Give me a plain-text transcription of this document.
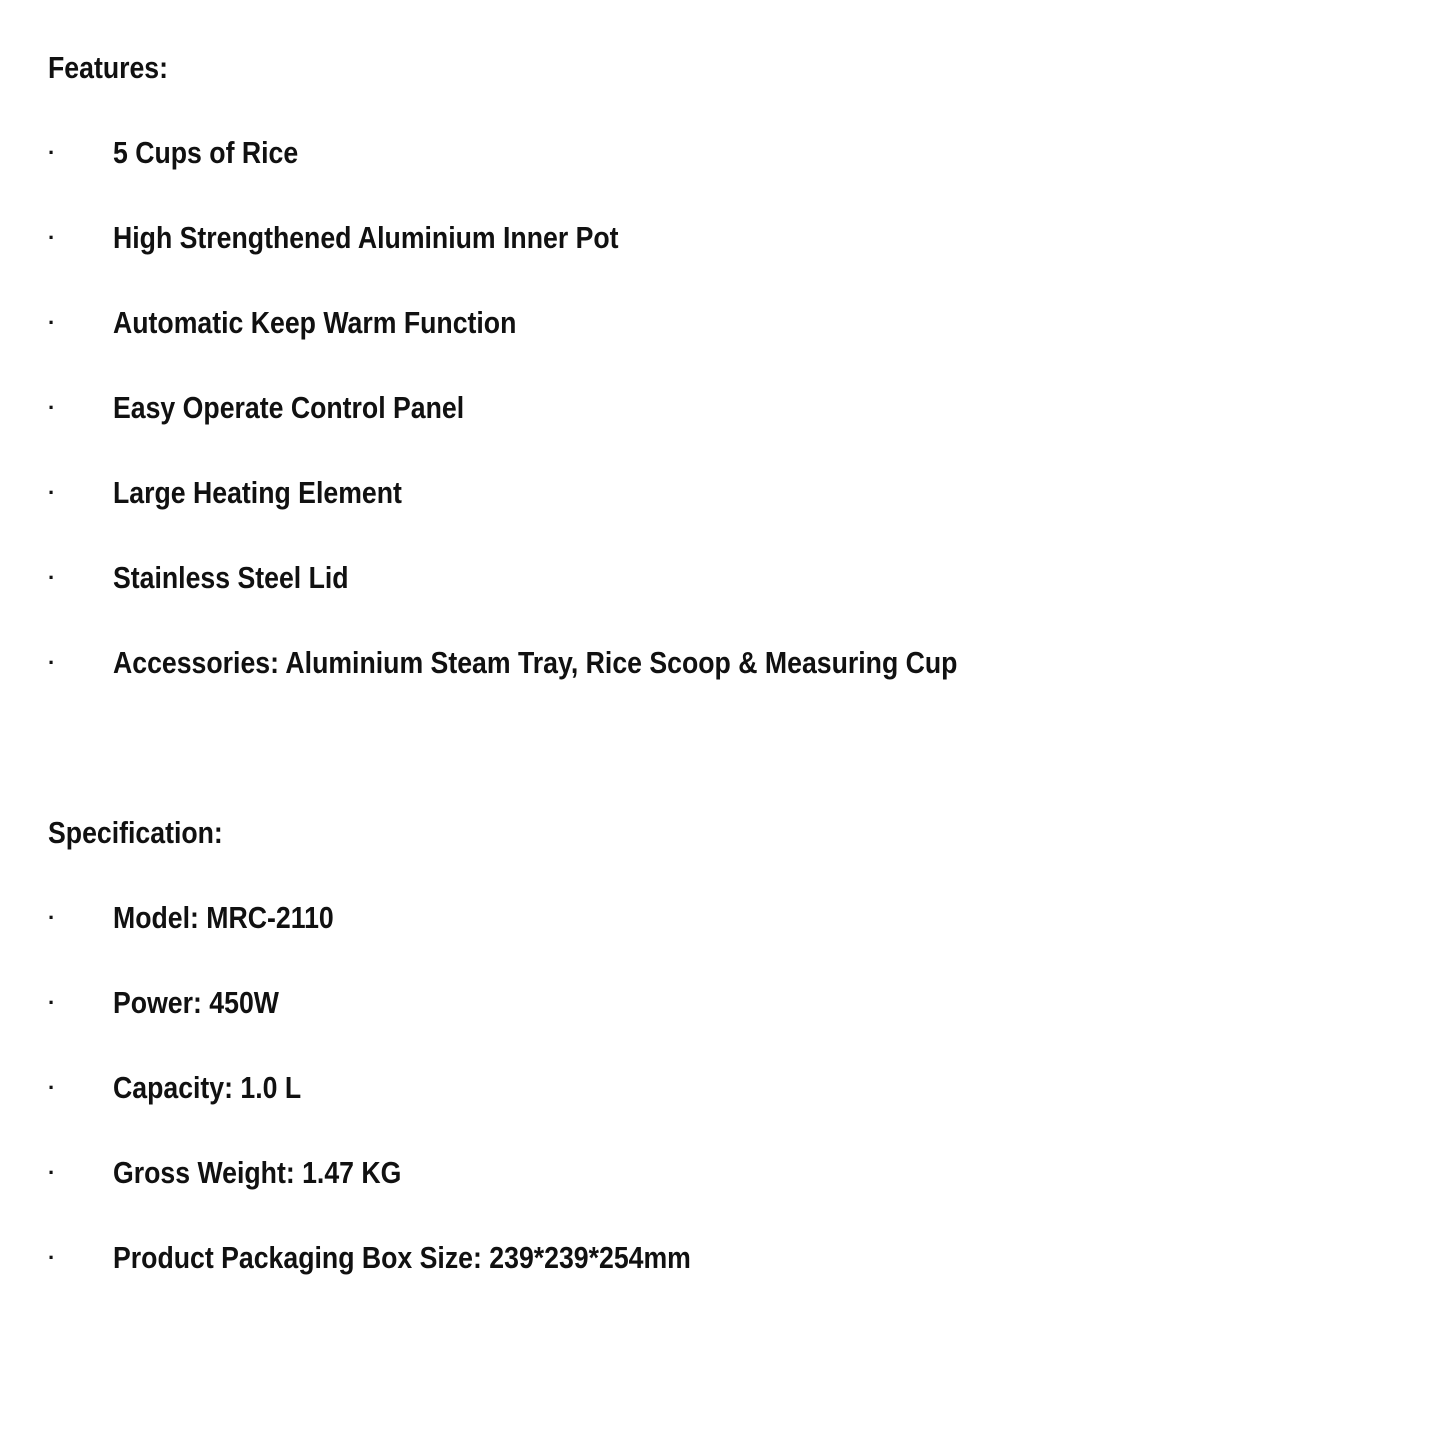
Features:
· 5 Cups of Rice
· High Strengthened Aluminium Inner Pot
· Automatic Keep Warm Function
· Easy Operate Control Panel
· Large Heating Element
· Stainless Steel Lid
· Accessories: Aluminium Steam Tray, Rice Scoop & Measuring Cup
Specification:
· Model: MRC-2110
· Power: 450W
· Capacity: 1.0 L
· Gross Weight: 1.47 KG
· Product Packaging Box Size: 239*239*254mm
